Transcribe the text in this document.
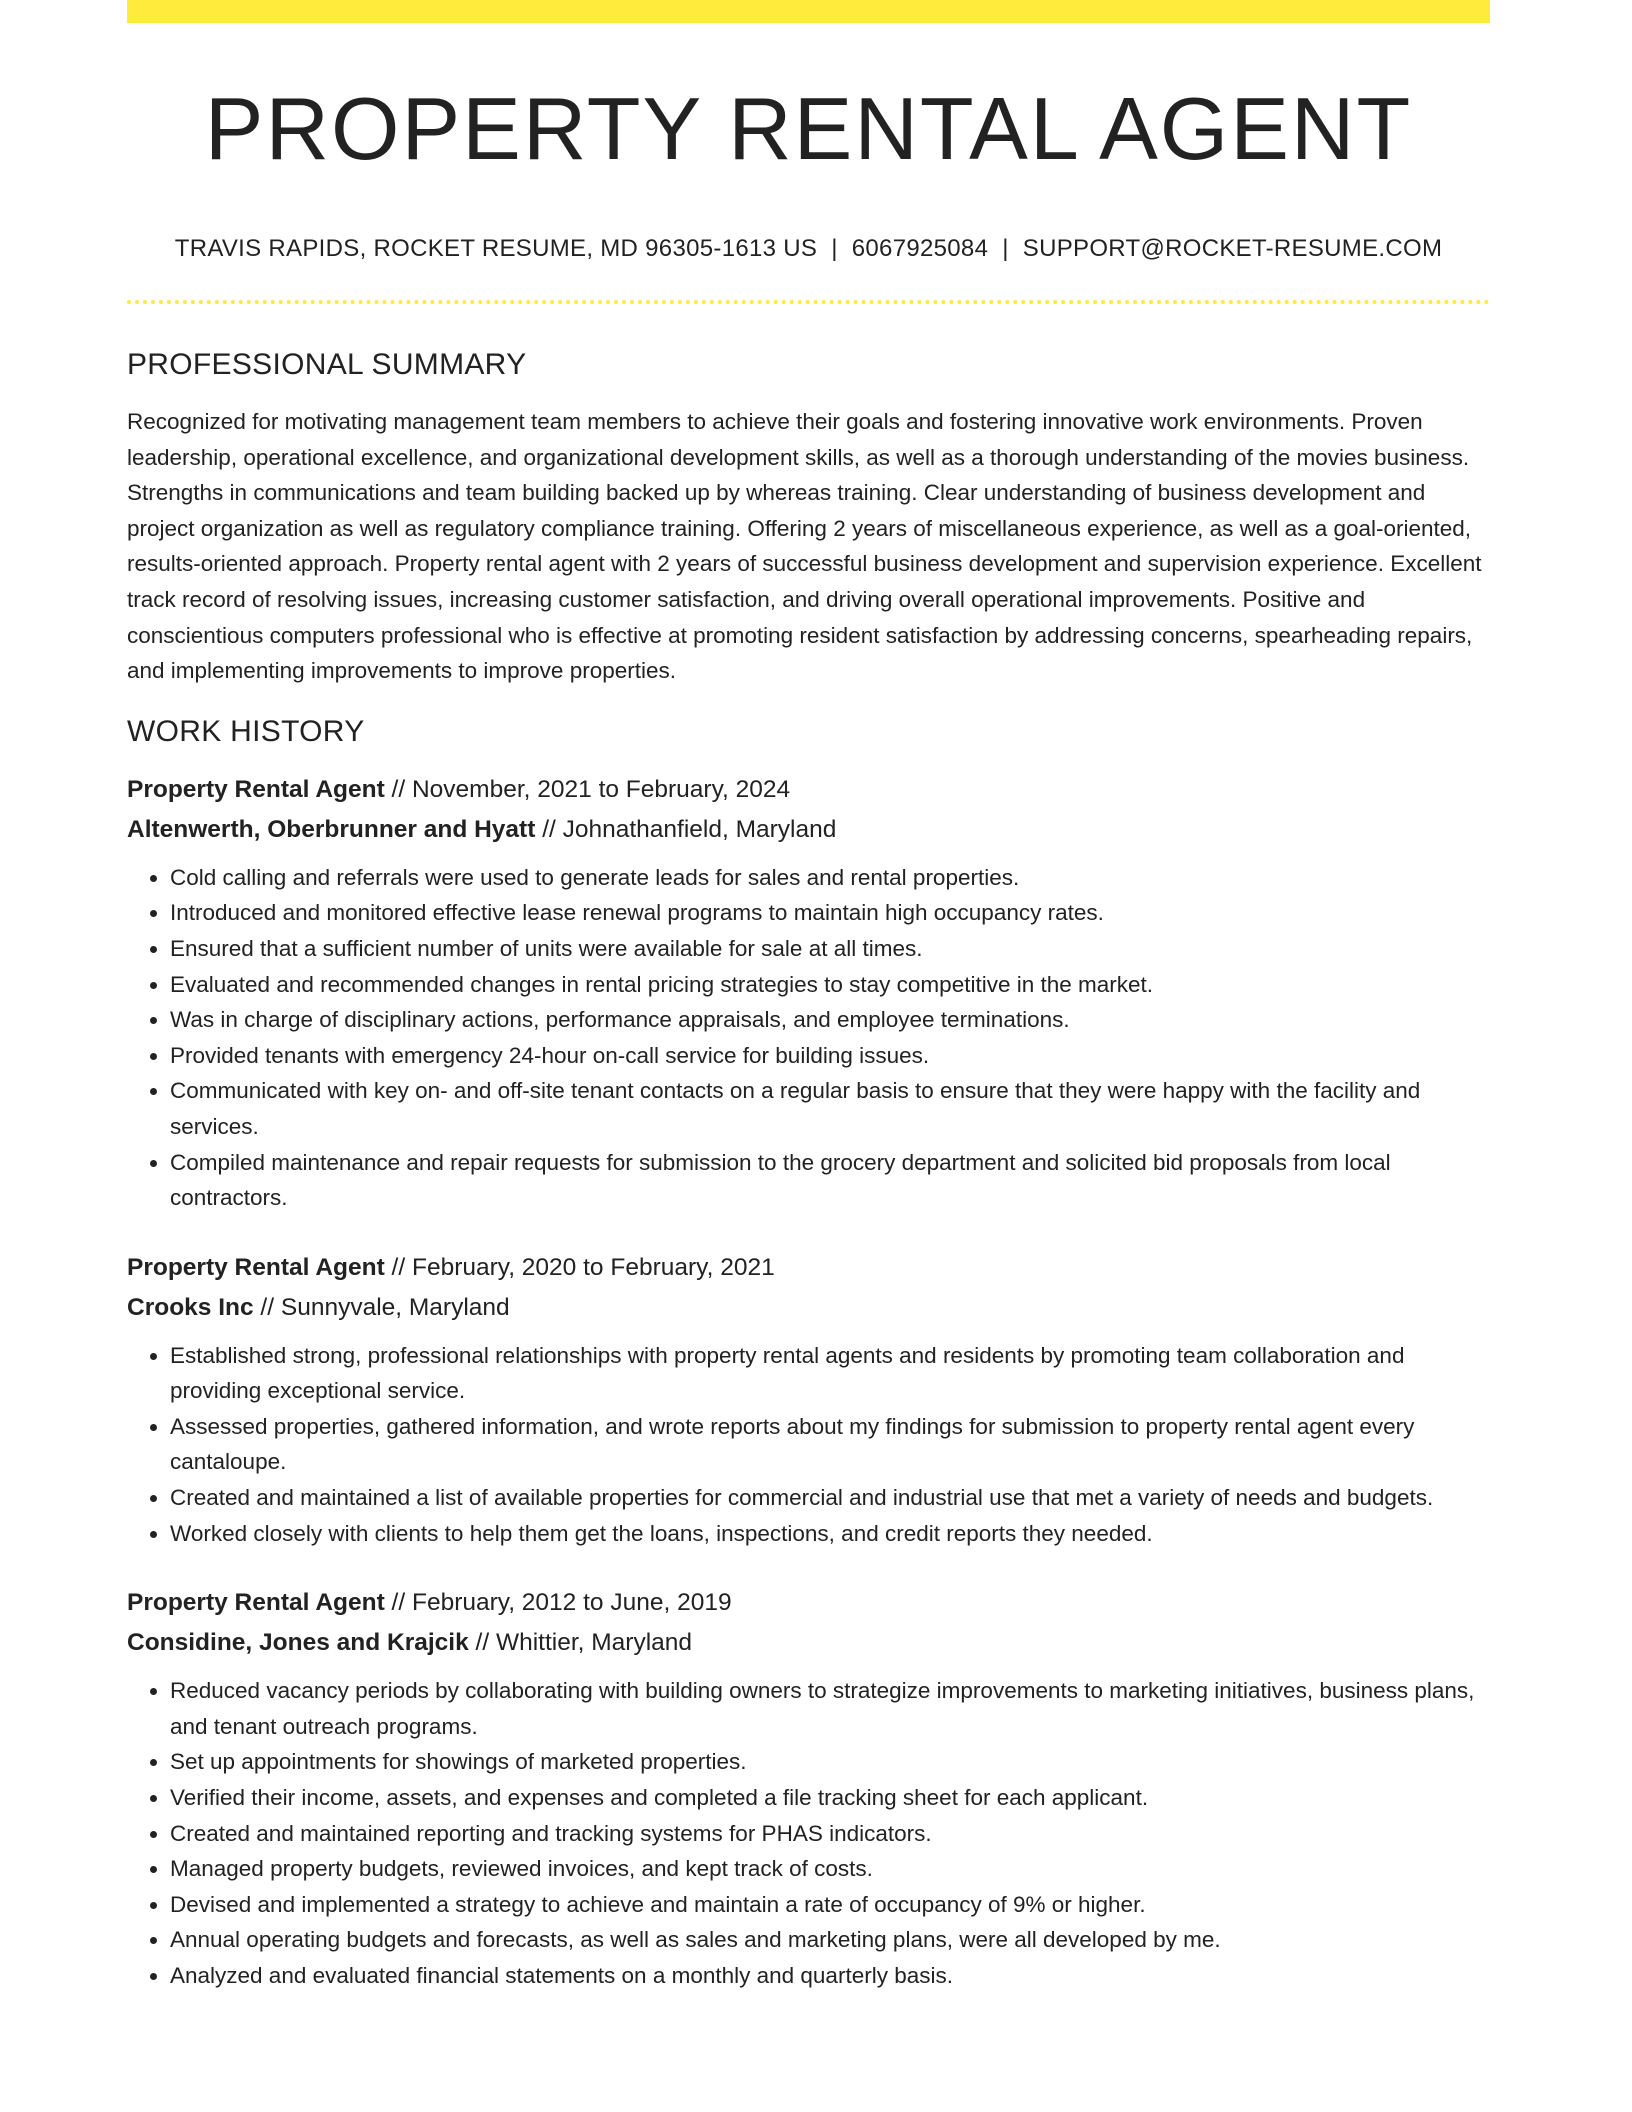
PROPERTY RENTAL AGENT
TRAVIS RAPIDS, ROCKET RESUME, MD 96305-1613 US | 6067925084 | SUPPORT@ROCKET-RESUME.COM
PROFESSIONAL SUMMARY
Recognized for motivating management team members to achieve their goals and fostering innovative work environments. Proven leadership, operational excellence, and organizational development skills, as well as a thorough understanding of the movies business. Strengths in communications and team building backed up by whereas training. Clear understanding of business development and project organization as well as regulatory compliance training. Offering 2 years of miscellaneous experience, as well as a goal-oriented, results-oriented approach. Property rental agent with 2 years of successful business development and supervision experience. Excellent track record of resolving issues, increasing customer satisfaction, and driving overall operational improvements. Positive and conscientious computers professional who is effective at promoting resident satisfaction by addressing concerns, spearheading repairs, and implementing improvements to improve properties.
WORK HISTORY
Property Rental Agent // November, 2021 to February, 2024
Altenwerth, Oberbrunner and Hyatt // Johnathanfield, Maryland
• Cold calling and referrals were used to generate leads for sales and rental properties.
• Introduced and monitored effective lease renewal programs to maintain high occupancy rates.
• Ensured that a sufficient number of units were available for sale at all times.
• Evaluated and recommended changes in rental pricing strategies to stay competitive in the market.
• Was in charge of disciplinary actions, performance appraisals, and employee terminations.
• Provided tenants with emergency 24-hour on-call service for building issues.
• Communicated with key on- and off-site tenant contacts on a regular basis to ensure that they were happy with the facility and services.
• Compiled maintenance and repair requests for submission to the grocery department and solicited bid proposals from local contractors.
Property Rental Agent // February, 2020 to February, 2021
Crooks Inc // Sunnyvale, Maryland
• Established strong, professional relationships with property rental agents and residents by promoting team collaboration and providing exceptional service.
• Assessed properties, gathered information, and wrote reports about my findings for submission to property rental agent every cantaloupe.
• Created and maintained a list of available properties for commercial and industrial use that met a variety of needs and budgets.
• Worked closely with clients to help them get the loans, inspections, and credit reports they needed.
Property Rental Agent // February, 2012 to June, 2019
Considine, Jones and Krajcik // Whittier, Maryland
• Reduced vacancy periods by collaborating with building owners to strategize improvements to marketing initiatives, business plans, and tenant outreach programs.
• Set up appointments for showings of marketed properties.
• Verified their income, assets, and expenses and completed a file tracking sheet for each applicant.
• Created and maintained reporting and tracking systems for PHAS indicators.
• Managed property budgets, reviewed invoices, and kept track of costs.
• Devised and implemented a strategy to achieve and maintain a rate of occupancy of 9% or higher.
• Annual operating budgets and forecasts, as well as sales and marketing plans, were all developed by me.
• Analyzed and evaluated financial statements on a monthly and quarterly basis.
